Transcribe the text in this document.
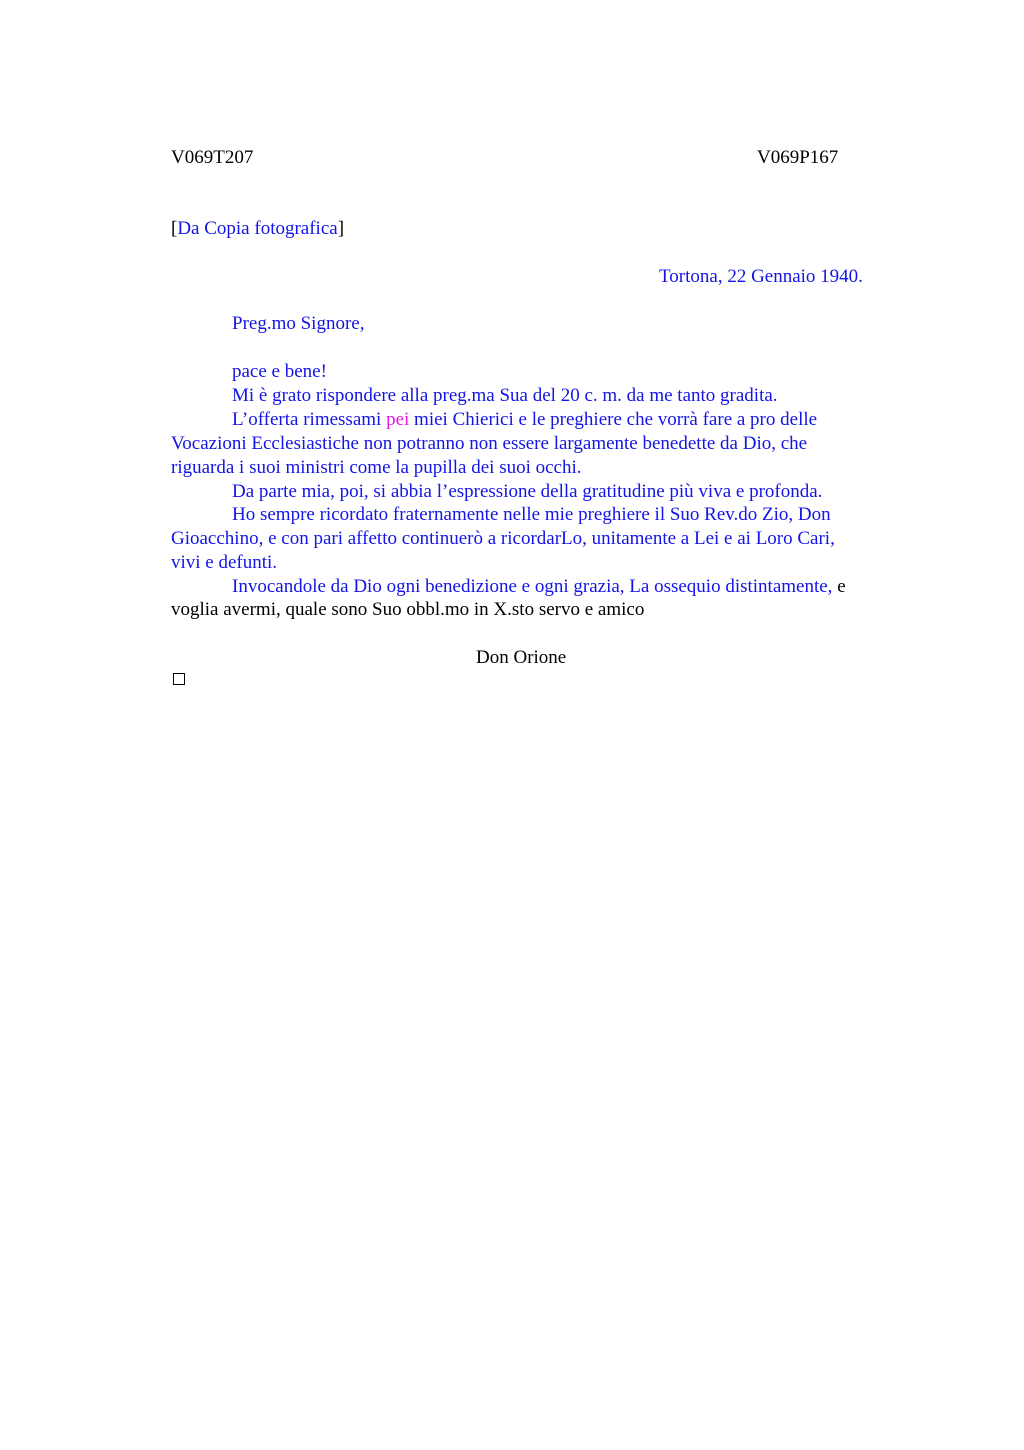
V069T207	V069P167
[Da Copia fotografica]
Tortona, 22 Gennaio 1940.
Preg.mo Signore,
pace e bene!
Mi è grato rispondere alla preg.ma Sua del 20 c. m. da me tanto gradita.
L’offerta rimessami pei miei Chierici e le preghiere che vorrà fare a pro delle
Vocazioni Ecclesiastiche non potranno non essere largamente benedette da Dio, che
riguarda i suoi ministri come la pupilla dei suoi occhi.
Da parte mia, poi, si abbia l’espressione della gratitudine più viva e profonda.
Ho sempre ricordato fraternamente nelle mie preghiere il Suo Rev.do Zio, Don
Gioacchino, e con pari affetto continuerò a ricordarLo, unitamente a Lei e ai Loro Cari,
vivi e defunti.
Invocandole da Dio ogni benedizione e ogni grazia, La ossequio distintamente, e
voglia avermi, quale sono Suo obbl.mo in X.sto servo e amico
Don Orione
